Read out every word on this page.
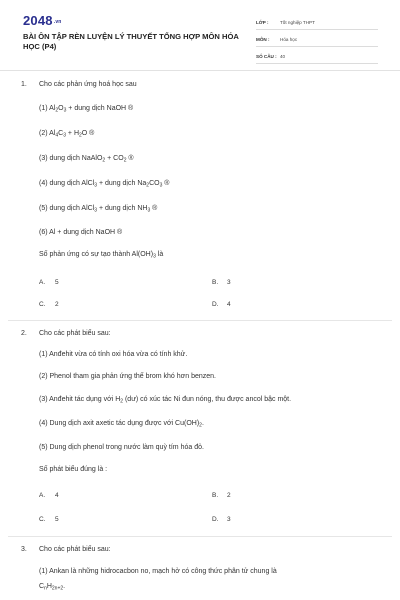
2048.vn
BÀI ÔN TẬP RÈN LUYỆN LÝ THUYẾT TỔNG HỢP MÔN HÓA
HỌC (P4)
LỚP :	Tốt nghiệp THPT
MÔN :	Hóa học
SỐ CÂU : 40
1. Cho các phản ứng hoá học sau
(1) $Al_2O_3$ + dung dịch NaOH ®
(2) $Al_4C_3 + H_2O$ ®
(3) dung dịch NaAlO$_2$ + $CO_2$ ®
(4) dung dịch AlCl$_3$ + dung dịch $Na_2CO_3$ ®
(5) dung dịch AlCl$_3$ + dung dịch $NH_3$ ®
(6) Al + dung dịch NaOH ®
Số phản ứng có sự tạo thành $Al(OH)_3$ là
A. 5	B. 3
C. 2	D. 4
2. Cho các phát biểu sau:
(1) Anđehit vừa có tính oxi hóa vừa có tính khử.
(2) Phenol tham gia phản ứng thế brom khó hơn benzen.
(3) Anđehit tác dụng với $H_2$ (dư) có xúc tác Ni đun nóng, thu được ancol bậc một.
(4) Dung dịch axit axetic tác dụng được với $Cu(OH)_2$.
(5) Dung dịch phenol trong nước làm quỳ tím hóa đỏ.
Số phát biểu đúng là :
A. 4	B. 2
C. 5	D. 3
3. Cho các phát biểu sau:
(1) Ankan là những hidrocacbon no, mạch hở có công thức phân tử chung là
$C_nH_{2n+2}$.
